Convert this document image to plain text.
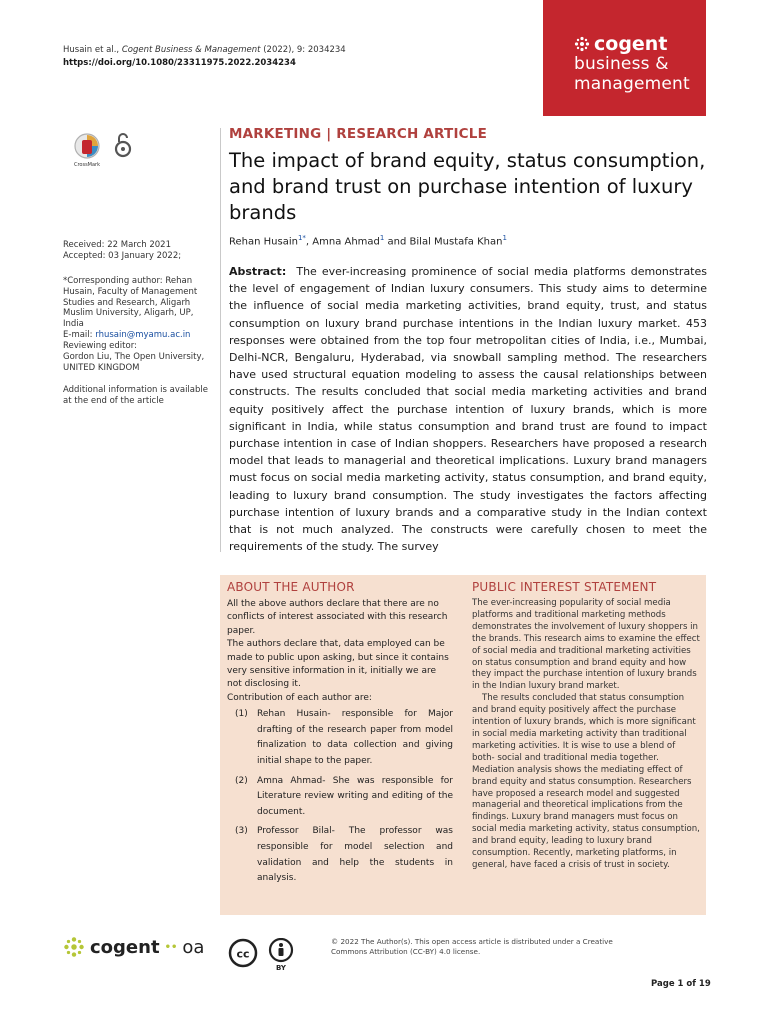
Husain et al., Cogent Business & Management (2022), 9: 2034234
https://doi.org/10.1080/23311975.2022.2034234
cogent
business &
management
CrossMark
MARKETING | RESEARCH ARTICLE
The impact of brand equity, status consumption, and brand trust on purchase intention of luxury brands
Rehan Husain$^{1*}$, Amna Ahmad$^1$ and Bilal Mustafa Khan$^1$
Received: 22 March 2021
Accepted: 03 January 2022;
*Corresponding author: Rehan Husain, Faculty of Management Studies and Research, Aligarh Muslim University, Aligarh, UP, India
E-mail: rhusain@myamu.ac.in
Reviewing editor:
Gordon Liu, The Open University, UNITED KINGDOM
Additional information is available at the end of the article
Abstract: The ever-increasing prominence of social media platforms demonstrates the level of engagement of Indian luxury consumers. This study aims to determine the influence of social media marketing activities, brand equity, trust, and status consumption on luxury brand purchase intentions in the Indian luxury market. 453 responses were obtained from the top four metropolitan cities of India, i.e., Mumbai, Delhi-NCR, Bengaluru, Hyderabad, via snowball sampling method. The researchers have used structural equation modeling to assess the causal relationships between constructs. The results concluded that social media marketing activities and brand equity positively affect the purchase intention of luxury brands, which is more significant in India, while status consumption and brand trust are found to impact purchase intention in case of Indian shoppers. Researchers have proposed a research model that leads to managerial and theoretical implications. Luxury brand managers must focus on social media marketing activity, status consumption, and brand equity, leading to luxury brand consumption. The study investigates the factors affecting purchase intention of luxury brands and a comparative study in the Indian context that is not much analyzed. The constructs were carefully chosen to meet the requirements of the study. The survey
ABOUT THE AUTHOR
All the above authors declare that there are no conflicts of interest associated with this research paper.
The authors declare that, data employed can be made to public upon asking, but since it contains very sensitive information in it, initially we are not disclosing it.
Contribution of each author are:
(1)	Rehan Husain- responsible for Major drafting of the research paper from model finalization to data collection and giving initial shape to the paper.
(2)	Amna Ahmad- She was responsible for Literature review writing and editing of the document.
(3)	Professor Bilal- The professor was responsible for model selection and validation and help the students in analysis.
PUBLIC INTEREST STATEMENT
The ever-increasing popularity of social media platforms and traditional marketing methods demonstrates the involvement of luxury shoppers in the brands. This research aims to examine the effect of social media and traditional marketing activities on status consumption and brand equity and how they impact the purchase intention of luxury brands in the Indian luxury brand market.
The results concluded that status consumption and brand equity positively affect the purchase intention of luxury brands, which is more significant in social media marketing activity than traditional marketing activities. It is wise to use a blend of both- social and traditional media together. Mediation analysis shows the mediating effect of brand equity and status consumption. Researchers have proposed a research model and suggested managerial and theoretical implications from the findings. Luxury brand managers must focus on social media marketing activity, status consumption, and brand equity, leading to luxury brand consumption. Recently, marketing platforms, in general, have faced a crisis of trust in society.
cogent •• oa	cc
BY
© 2022 The Author(s). This open access article is distributed under a Creative Commons Attribution (CC-BY) 4.0 license.
Page 1 of 19
